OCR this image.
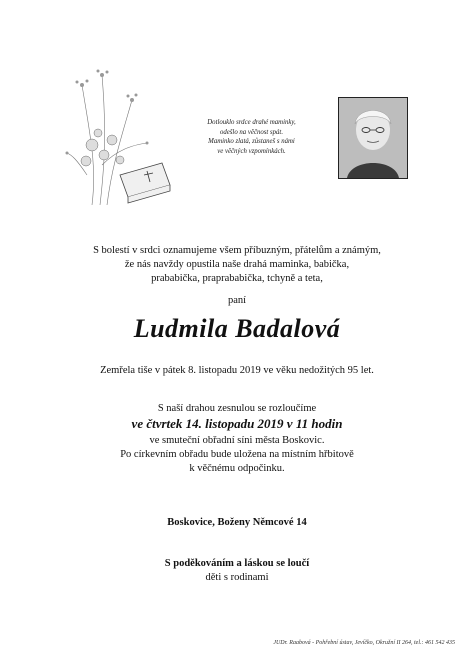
Dotlouklo srdce drahé maminky,
odešlo na věčnost spát.
Maminko zlatá, zůstaneš s námi
ve věčných vzpomínkách.
S bolestí v srdci oznamujeme všem příbuzným, přátelům a známým,
že nás navždy opustila naše drahá maminka, babička,
prababička, praprababička, tchyně a teta,
paní
Ludmila Badalová
Zemřela tiše v pátek 8. listopadu 2019 ve věku nedožitých 95 let.
S naší drahou zesnulou se rozloučíme
ve čtvrtek 14. listopadu 2019 v 11 hodin
ve smuteční obřadní síni města Boskovic.
Po církevním obřadu bude uložena na místním hřbitově
k věčnému odpočinku.
Boskovice, Boženy Němcové 14
S poděkováním a láskou se loučí
děti s rodinami
JUDr. Raabová - Pohřební ústav, Jevíčko, Okružní II 264, tel.: 461 542 435
